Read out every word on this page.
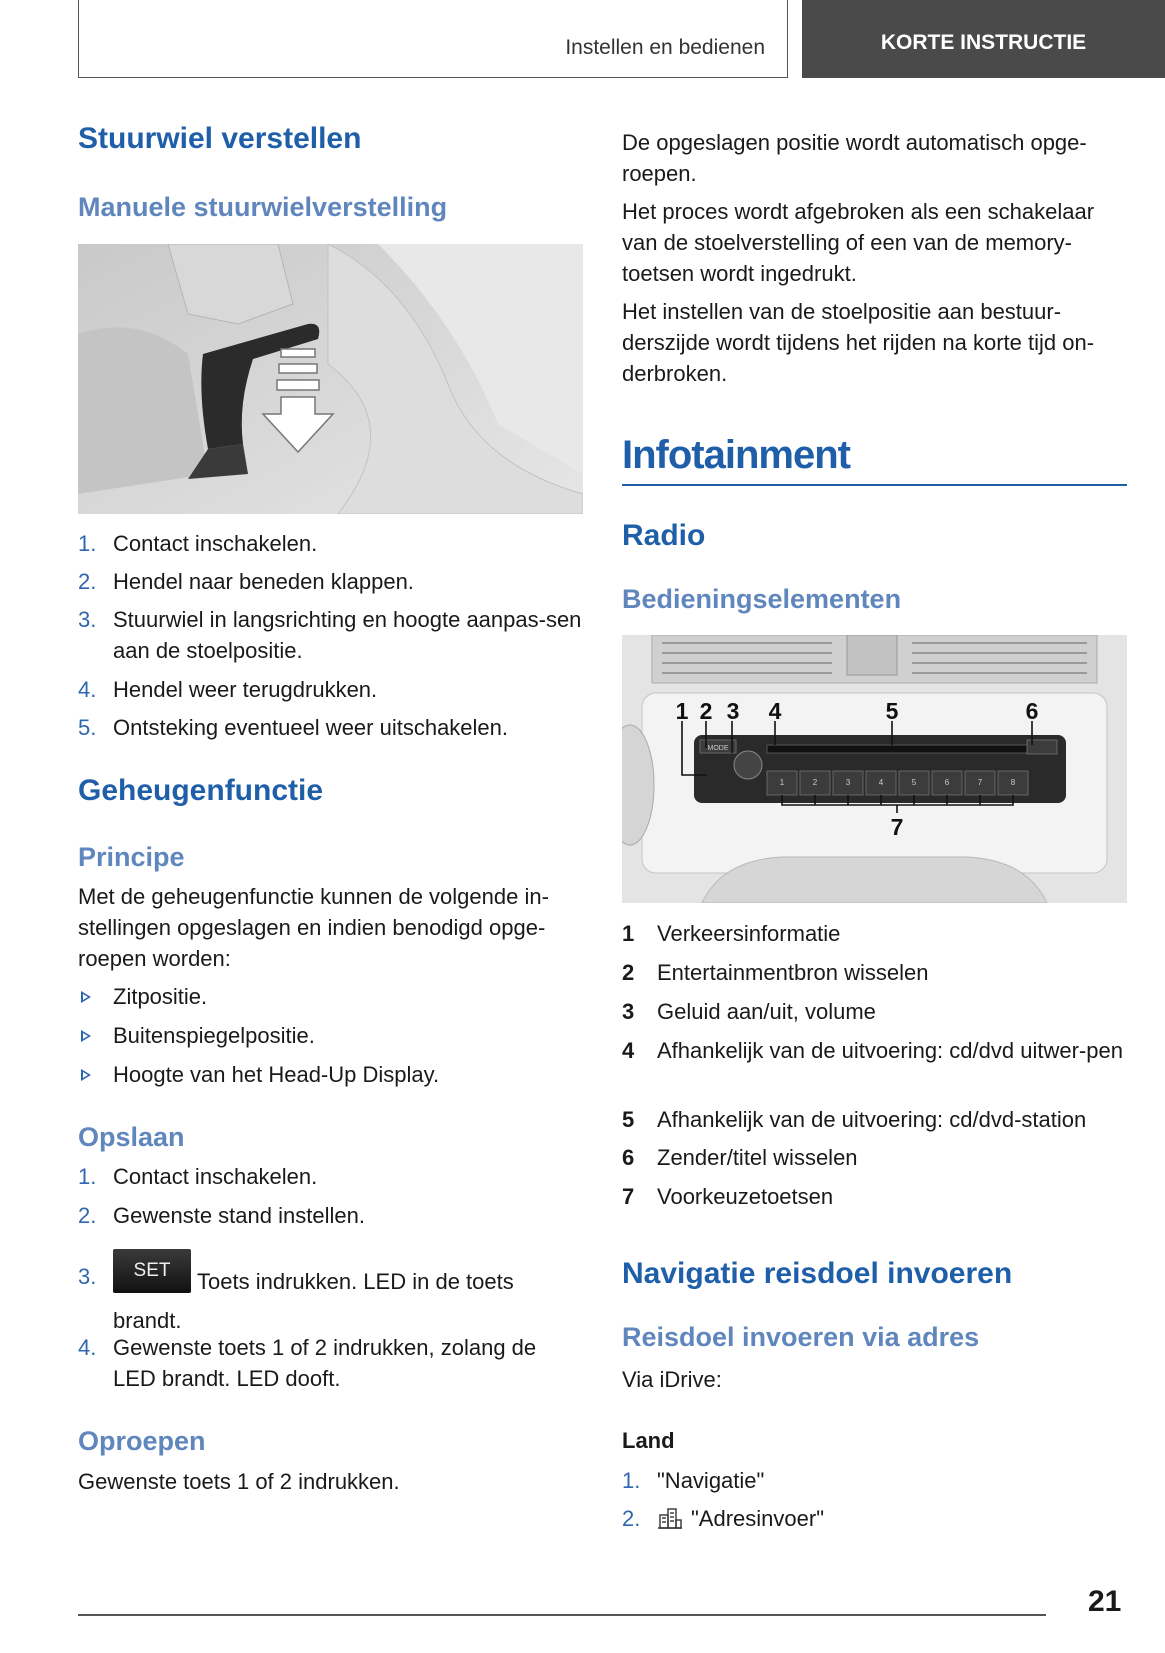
Instellen en bedienen	KORTE INSTRUCTIE
Stuurwiel verstellen
Manuele stuurwielverstelling
1. Contact inschakelen.
2. Hendel naar beneden klappen.
3. Stuurwiel in langsrichting en hoogte aanpas-sen aan de stoelpositie.
4. Hendel weer terugdrukken.
5. Ontsteking eventueel weer uitschakelen.
Geheugenfunctie
Principe

Met de geheugenfunctie kunnen de volgende in-stellingen opgeslagen en indien benodigd opge-roepen worden:

Zitpositie.
Buitenspiegelpositie.
Hoogte van het Head-Up Display.
Opslaan
1. Contact inschakelen.
2. Gewenste stand instellen.
3.	SET Toets indrukken. LED in de toets brandt.
4. Gewenste toets 1 of 2 indrukken, zolang de LED brandt. LED dooft.
Oproepen

Gewenste toets 1 of 2 indrukken.

De opgeslagen positie wordt automatisch opge-roepen.

Het proces wordt afgebroken als een schakelaar van de stoelverstelling of een van de memory-toetsen wordt ingedrukt.

Het instellen van de stoelpositie aan bestuur-derszijde wordt tijdens het rijden na korte tijd on-derbroken.

Infotainment
Radio
Bedieningselementen
MODE
1	2	3	4	5	6	7	8
1 2 3 4	5	6
7
1 Verkeersinformatie
2 Entertainmentbron wisselen
3 Geluid aan/uit, volume
4 Afhankelijk van de uitvoering: cd/dvd uitwer-pen
5 Afhankelijk van de uitvoering: cd/dvd-station
6 Zender/titel wisselen
7 Voorkeuzetoetsen
Navigatie reisdoel invoeren
Reisdoel invoeren via adres

Via iDrive:

Land
1. "Navigatie"
2.	"Adresinvoer"
21
